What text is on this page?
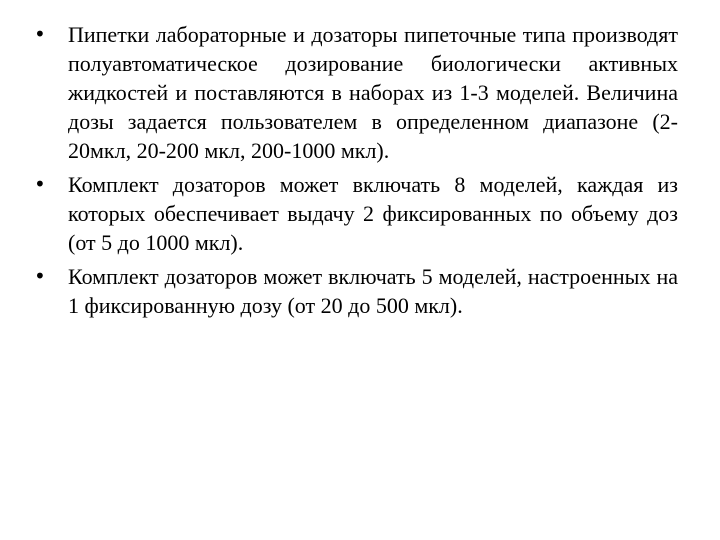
•	Пипетки лабораторные и дозаторы пипеточные типа производят полуавтоматическое дозирование биологически активных жидкостей и поставляются в наборах из 1-3 моделей. Величина дозы задается пользователем в определенном диапазоне (2-20мкл, 20-200 мкл, 200-1000 мкл).
•	Комплект дозаторов может включать 8 моделей, каждая из которых обеспечивает выдачу 2 фиксированных по объему доз (от 5 до 1000 мкл).
•	Комплект дозаторов может включать 5 моделей, настроенных на 1 фиксированную дозу (от 20 до 500 мкл).
